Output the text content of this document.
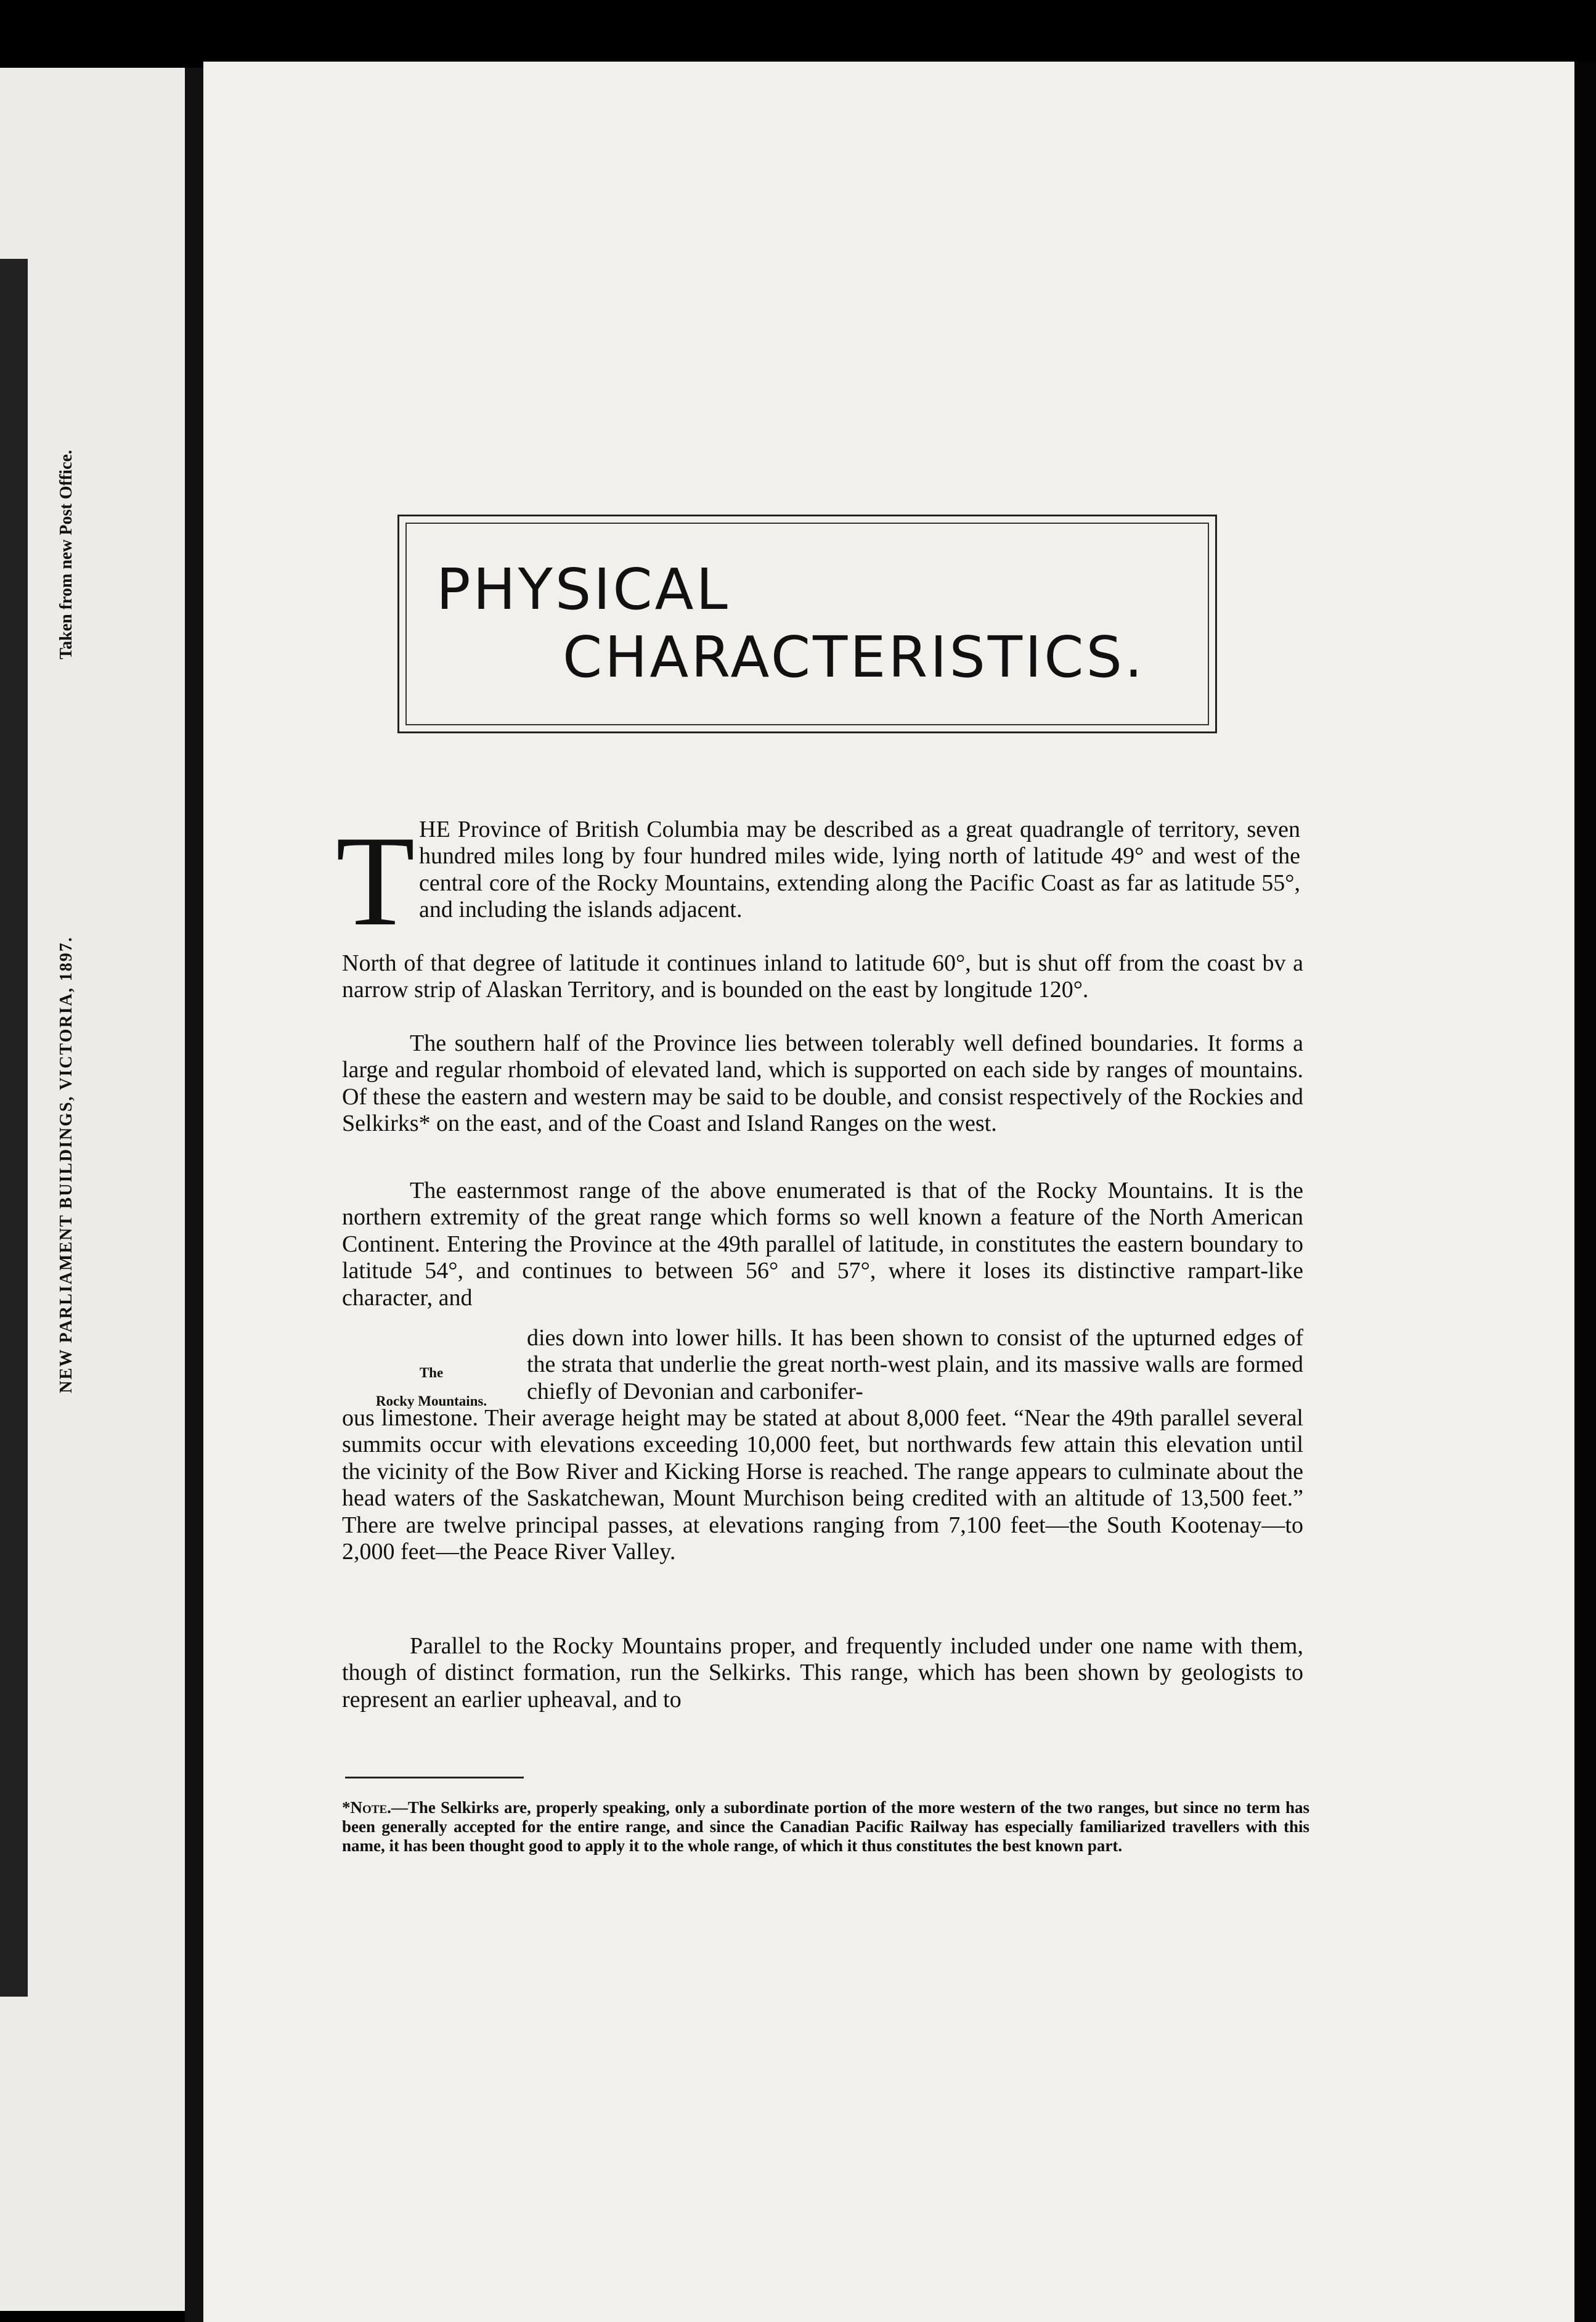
Taken from new Post Office.
NEW PARLIAMENT BUILDINGS, VICTORIA, 1897.
PHYSICAL
CHARACTERISTICS.
T HE Province of British Columbia may be described as a great quadrangle of territory, seven hundred miles long by four hundred miles wide, lying north of latitude 49° and west of the central core of the Rocky Mountains, extending along the Pacific Coast as far as latitude 55°, and including the islands adjacent.

North of that degree of latitude it continues inland to latitude 60°, but is shut off from the coast bv a narrow strip of Alaskan Territory, and is bounded on the east by longitude 120°.

The southern half of the Province lies between tolerably well defined boundaries. It forms a large and regular rhomboid of elevated land, which is supported on each side by ranges of mountains. Of these the eastern and western may be said to be double, and consist respectively of the Rockies and Selkirks* on the east, and of the Coast and Island Ranges on the west.

The easternmost range of the above enumerated is that of the Rocky Mountains. It is the northern extremity of the great range which forms so well known a feature of the North American Continent. Entering the Province at the 49th parallel of latitude, in constitutes the eastern boundary to latitude 54°, and continues to between 56° and 57°, where it loses its distinctive rampart-like character, and

The
Rocky Mountains.

dies down into lower hills. It has been shown to consist of the upturned edges of the strata that underlie the great north-west plain, and its massive walls are formed chiefly of Devonian and carbonifer-

ous limestone. Their average height may be stated at about 8,000 feet. “Near the 49th parallel several summits occur with elevations exceeding 10,000 feet, but northwards few attain this elevation until the vicinity of the Bow River and Kicking Horse is reached. The range appears to culminate about the head waters of the Saskatchewan, Mount Murchison being credited with an altitude of 13,500 feet.” There are twelve principal passes, at elevations ranging from 7,100 feet—the South Kootenay—to 2,000 feet—the Peace River Valley.

Parallel to the Rocky Mountains proper, and frequently included under one name with them, though of distinct formation, run the Selkirks. This range, which has been shown by geologists to represent an earlier upheaval, and to

*Note.—The Selkirks are, properly speaking, only a subordinate portion of the more western of the two ranges, but since no term has been generally accepted for the entire range, and since the Canadian Pacific Railway has especially familiarized travellers with this name, it has been thought good to apply it to the whole range, of which it thus constitutes the best known part.
